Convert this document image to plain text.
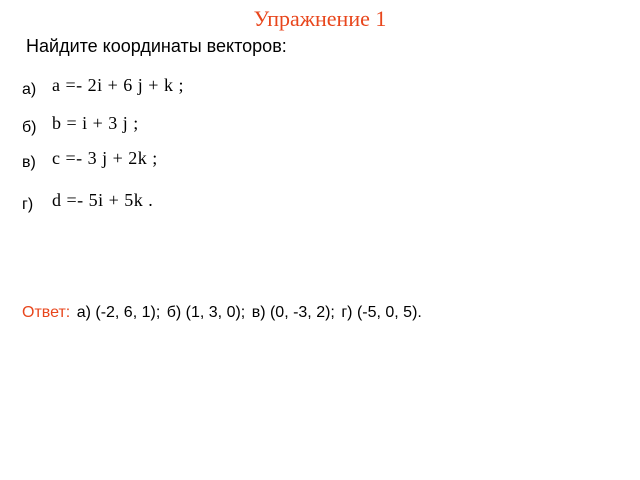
Упражнение 1
Найдите координаты векторов:
а) a =- 2i + 6 j + k ;
б) b = i + 3 j ;
в) c =- 3 j + 2k ;
г) d =- 5i + 5k .
Ответ: а) (-2, 6, 1); б) (1, 3, 0); в) (0, -3, 2); г) (-5, 0, 5).
